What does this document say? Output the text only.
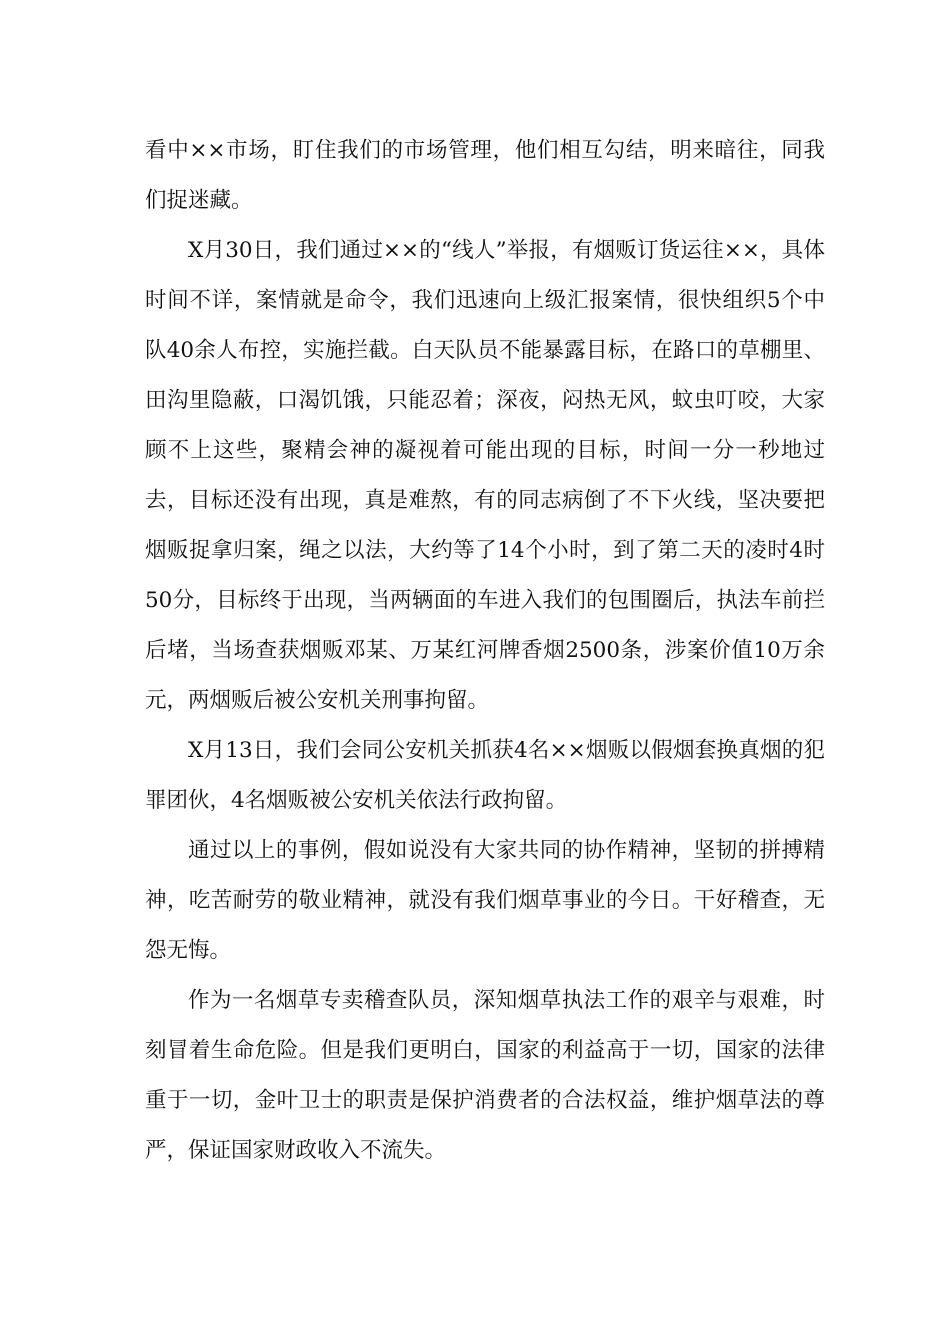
看中××市场，盯住我们的市场管理，他们相互勾结，明来暗往，同我们捉迷藏。

X月30日，我们通过××的“线人”举报，有烟贩订货运往××，具体时间不详，案情就是命令，我们迅速向上级汇报案情，很快组织5个中队40余人布控，实施拦截。白天队员不能暴露目标，在路口的草棚里、田沟里隐蔽，口渴饥饿，只能忍着；深夜，闷热无风，蚊虫叮咬，大家顾不上这些，聚精会神的凝视着可能出现的目标，时间一分一秒地过去，目标还没有出现，真是难熬，有的同志病倒了不下火线，坚决要把烟贩捉拿归案，绳之以法，大约等了14个小时，到了第二天的凌时4时50分，目标终于出现，当两辆面的车进入我们的包围圈后，执法车前拦后堵，当场查获烟贩邓某、万某红河牌香烟2500条，涉案价值10万余元，两烟贩后被公安机关刑事拘留。

X月13日，我们会同公安机关抓获4名××烟贩以假烟套换真烟的犯罪团伙，4名烟贩被公安机关依法行政拘留。

通过以上的事例，假如说没有大家共同的协作精神，坚韧的拼搏精神，吃苦耐劳的敬业精神，就没有我们烟草事业的今日。干好稽查，无怨无悔。

作为一名烟草专卖稽查队员，深知烟草执法工作的艰辛与艰难，时刻冒着生命危险。但是我们更明白，国家的利益高于一切，国家的法律重于一切，金叶卫士的职责是保护消费者的合法权益，维护烟草法的尊严，保证国家财政收入不流失。
